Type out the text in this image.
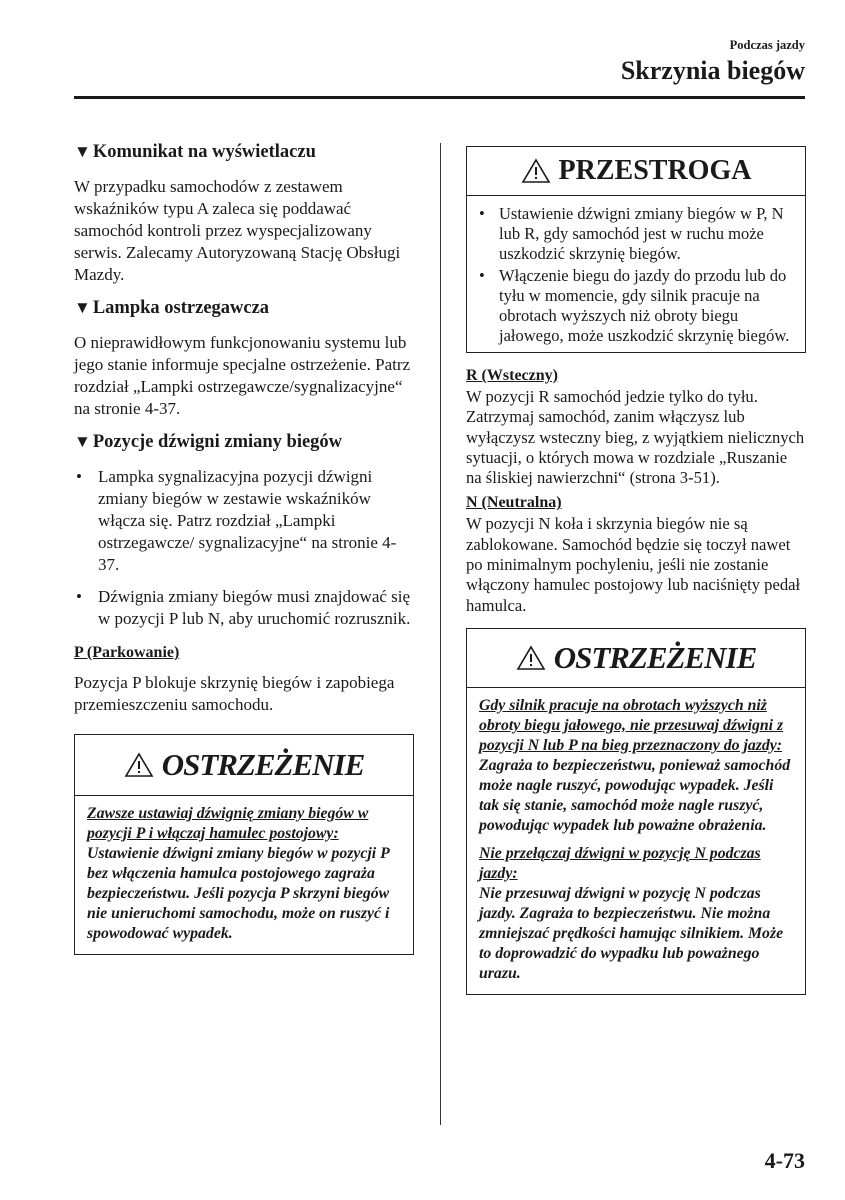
Podczas jazdy
Skrzynia biegów
▼ Komunikat na wyświetlaczu

W przypadku samochodów z zestawem wskaźników typu A zaleca się poddawać samochód kontroli przez wyspecjalizowany serwis. Zalecamy Autoryzowaną Stację Obsługi Mazdy.

▼ Lampka ostrzegawcza

O nieprawidłowym funkcjonowaniu systemu lub jego stanie informuje specjalne ostrzeżenie. Patrz rozdział „Lampki ostrzegawcze/sygnalizacyjne“ na stronie 4-37.

▼ Pozycje dźwigni zmiany biegów
• Lampka sygnalizacyjna pozycji dźwigni zmiany biegów w zestawie wskaźników włącza się. Patrz rozdział „Lampki ostrzegawcze/ sygnalizacyjne“ na stronie 4-37.
• Dźwignia zmiany biegów musi znajdować się w pozycji P lub N, aby uruchomić rozrusznik.
P (Parkowanie)

Pozycja P blokuje skrzynię biegów i zapobiega przemieszczeniu samochodu.

OSTRZEŻENIE

Zawsze ustawiaj dźwignię zmiany biegów w pozycji P i włączaj hamulec postojowy:

Ustawienie dźwigni zmiany biegów w pozycji P bez włączenia hamulca postojowego zagraża bezpieczeństwu. Jeśli pozycja P skrzyni biegów nie unieruchomi samochodu, może on ruszyć i spowodować wypadek.

PRZESTROGA
• Ustawienie dźwigni zmiany biegów w P, N lub R, gdy samochód jest w ruchu może uszkodzić skrzynię biegów.
• Włączenie biegu do jazdy do przodu lub do tyłu w momencie, gdy silnik pracuje na obrotach wyższych niż obroty biegu jałowego, może uszkodzić skrzynię biegów.
R (Wsteczny)

W pozycji R samochód jedzie tylko do tyłu. Zatrzymaj samochód, zanim włączysz lub wyłączysz wsteczny bieg, z wyjątkiem nielicznych sytuacji, o których mowa w rozdziale „Ruszanie na śliskiej nawierzchni“ (strona 3-51).

N (Neutralna)

W pozycji N koła i skrzynia biegów nie są zablokowane. Samochód będzie się toczył nawet po minimalnym pochyleniu, jeśli nie zostanie włączony hamulec postojowy lub naciśnięty pedał hamulca.

OSTRZEŻENIE

Gdy silnik pracuje na obrotach wyższych niż obroty biegu jałowego, nie przesuwaj dźwigni z pozycji N lub P na bieg przeznaczony do jazdy:

Zagraża to bezpieczeństwu, ponieważ samochód może nagle ruszyć, powodując wypadek. Jeśli tak się stanie, samochód może nagle ruszyć, powodując wypadek lub poważne obrażenia.

Nie przełączaj dźwigni w pozycję N podczas jazdy:

Nie przesuwaj dźwigni w pozycję N podczas jazdy. Zagraża to bezpieczeństwu. Nie można zmniejszać prędkości hamując silnikiem. Może to doprowadzić do wypadku lub poważnego urazu.

4-73
